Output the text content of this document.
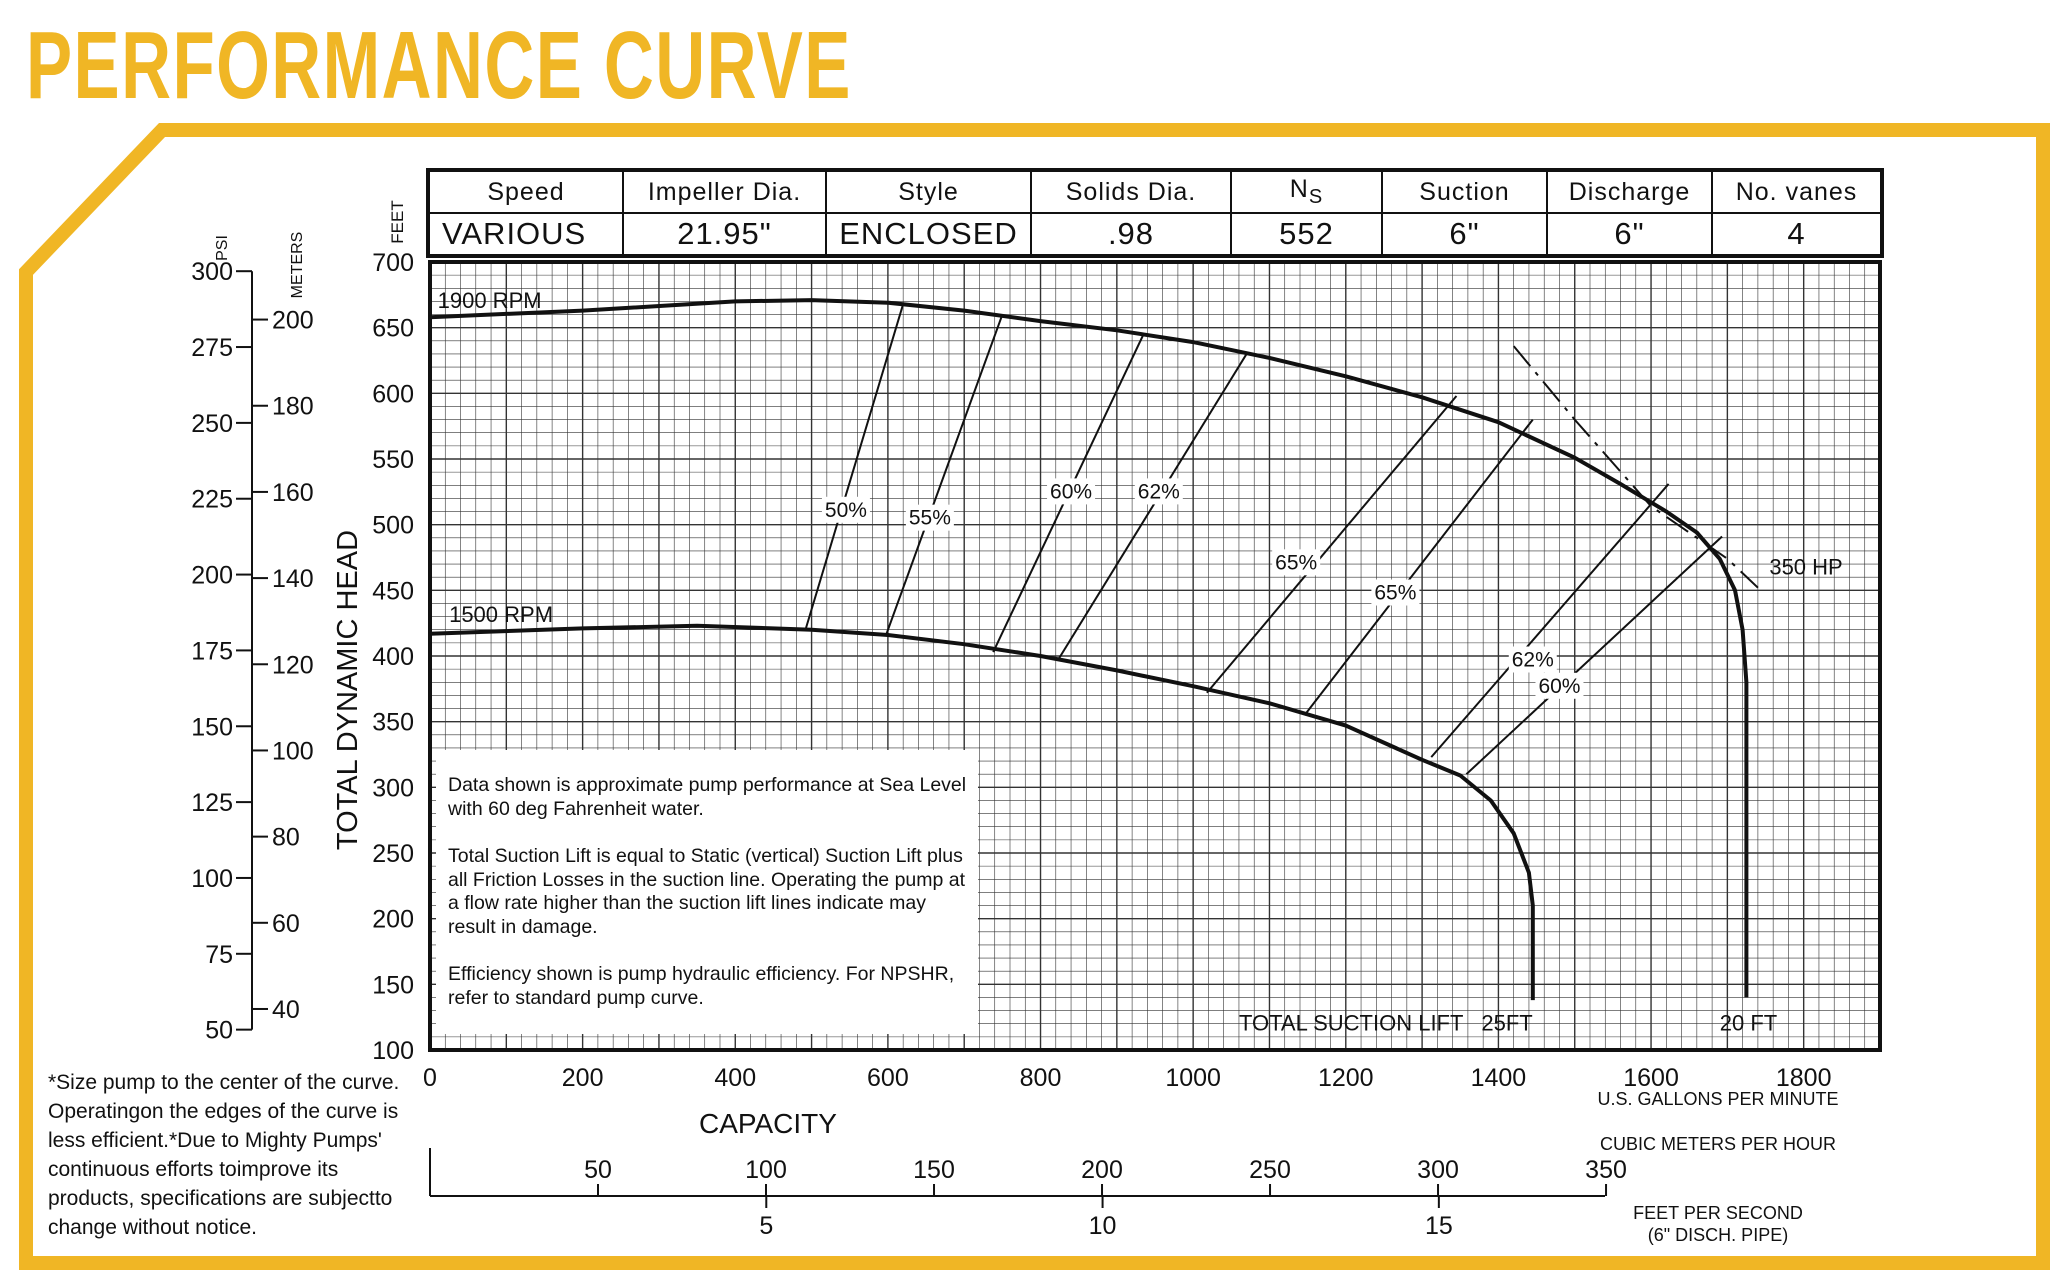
PERFORMANCE CURVE
0	200	400	600	800	1000	1200	1400	1600	1800
100
150
200
250
300
350
400
450
500
550
600
650
700
CAPACITY
U.S. GALLONS PER MINUTE
TOTAL DYNAMIC HEAD
FEET
PSI
50
75
100
125
150
175
200
225
250
275
300	METERS
40
60
80
100
120
140
160
180
200
CUBIC METERS PER HOUR
50	100	150	200	250	300	350
5	10	15	FEET PER SECOND
(6" DISCH. PIPE)
50% 55%
60% 62%
65%
65%
62%
60%
1900 RPM
1500 RPM
350 HP
TOTAL SUCTION LIFT   25FT	20 FT
Speed	Impeller Dia.	Style	Solids Dia.	$N_S$	Suction	Discharge	No. vanes
VARIOUS	21.95"	ENCLOSED	.98	552	6"	6"	4

Data shown is approximate pump performance at Sea Level with 60 deg Fahrenheit water.

Total Suction Lift is equal to Static (vertical) Suction Lift plus all Friction Losses in the suction line. Operating the pump at a flow rate higher than the suction lift lines indicate may result in damage.

Efficiency shown is pump hydraulic efficiency. For NPSHR, refer to standard pump curve.

*Size pump to the center of the curve. Operatingon the edges of the curve is less efficient.*Due to Mighty Pumps' continuous efforts toimprove its products, specifications are subjectto change without notice.
